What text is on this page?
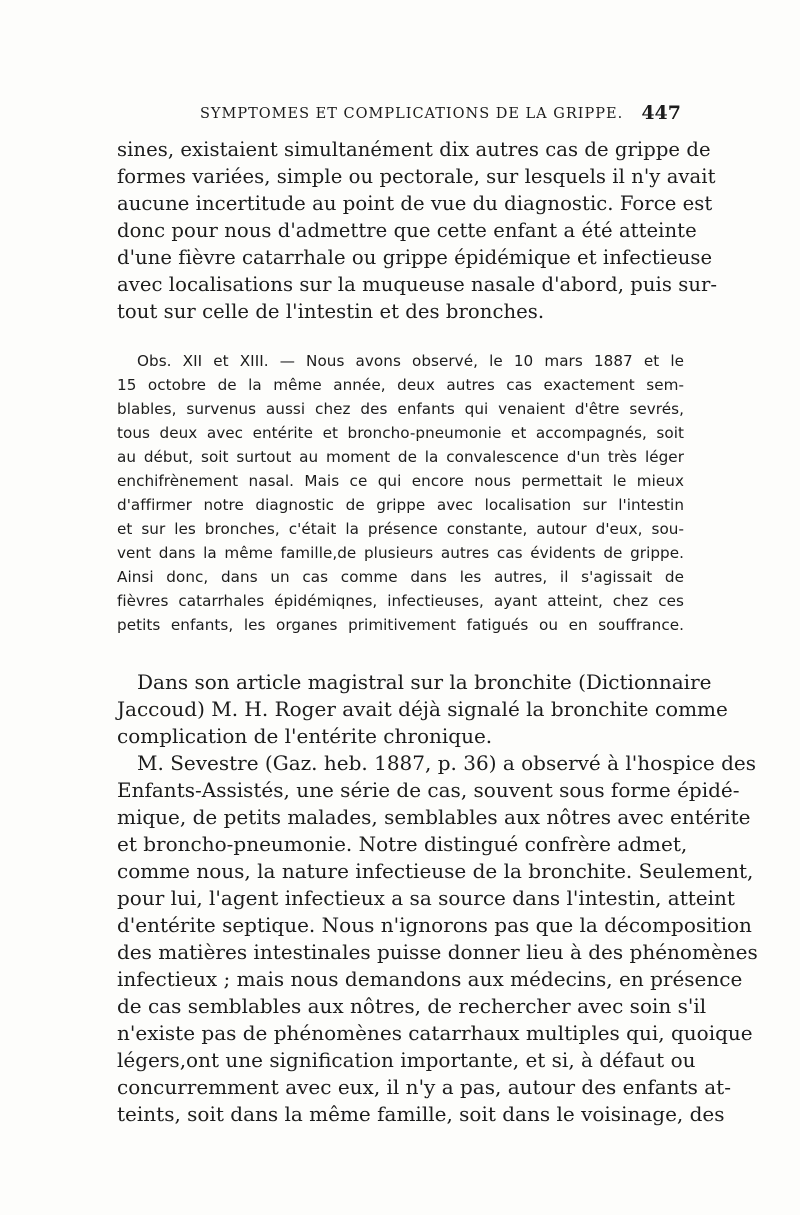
SYMPTOMES ET COMPLICATIONS DE LA GRIPPE. 447
sines, existaient simultanément dix autres cas de grippe de
formes variées, simple ou pectorale, sur lesquels il n'y avait
aucune incertitude au point de vue du diagnostic. Force est
donc pour nous d'admettre que cette enfant a été atteinte
d'une fièvre catarrhale ou grippe épidémique et infectieuse
avec localisations sur la muqueuse nasale d'abord, puis sur-
tout sur celle de l'intestin et des bronches.
Obs. XII et XIII. — Nous avons observé, le 10 mars 1887 et le
15 octobre de la même année, deux autres cas exactement sem-
blables, survenus aussi chez des enfants qui venaient d'être sevrés,
tous deux avec entérite et broncho-pneumonie et accompagnés, soit
au début, soit surtout au moment de la convalescence d'un très léger
enchifrènement nasal. Mais ce qui encore nous permettait le mieux
d'affirmer notre diagnostic de grippe avec localisation sur l'intestin
et sur les bronches, c'était la présence constante, autour d'eux, sou-
vent dans la même famille,de plusieurs autres cas évidents de grippe.
Ainsi donc, dans un cas comme dans les autres, il s'agissait de
fièvres catarrhales épidémiqnes, infectieuses, ayant atteint, chez ces
petits enfants, les organes primitivement fatigués ou en souffrance.
Dans son article magistral sur la bronchite (Dictionnaire
Jaccoud) M. H. Roger avait déjà signalé la bronchite comme
complication de l'entérite chronique.
M. Sevestre (Gaz. heb. 1887, p. 36) a observé à l'hospice des
Enfants-Assistés, une série de cas, souvent sous forme épidé-
mique, de petits malades, semblables aux nôtres avec entérite
et broncho-pneumonie. Notre distingué confrère admet,
comme nous, la nature infectieuse de la bronchite. Seulement,
pour lui, l'agent infectieux a sa source dans l'intestin, atteint
d'entérite septique. Nous n'ignorons pas que la décomposition
des matières intestinales puisse donner lieu à des phénomènes
infectieux ; mais nous demandons aux médecins, en présence
de cas semblables aux nôtres, de rechercher avec soin s'il
n'existe pas de phénomènes catarrhaux multiples qui, quoique
légers,ont une signification importante, et si, à défaut ou
concurremment avec eux, il n'y a pas, autour des enfants at-
teints, soit dans la même famille, soit dans le voisinage, des
